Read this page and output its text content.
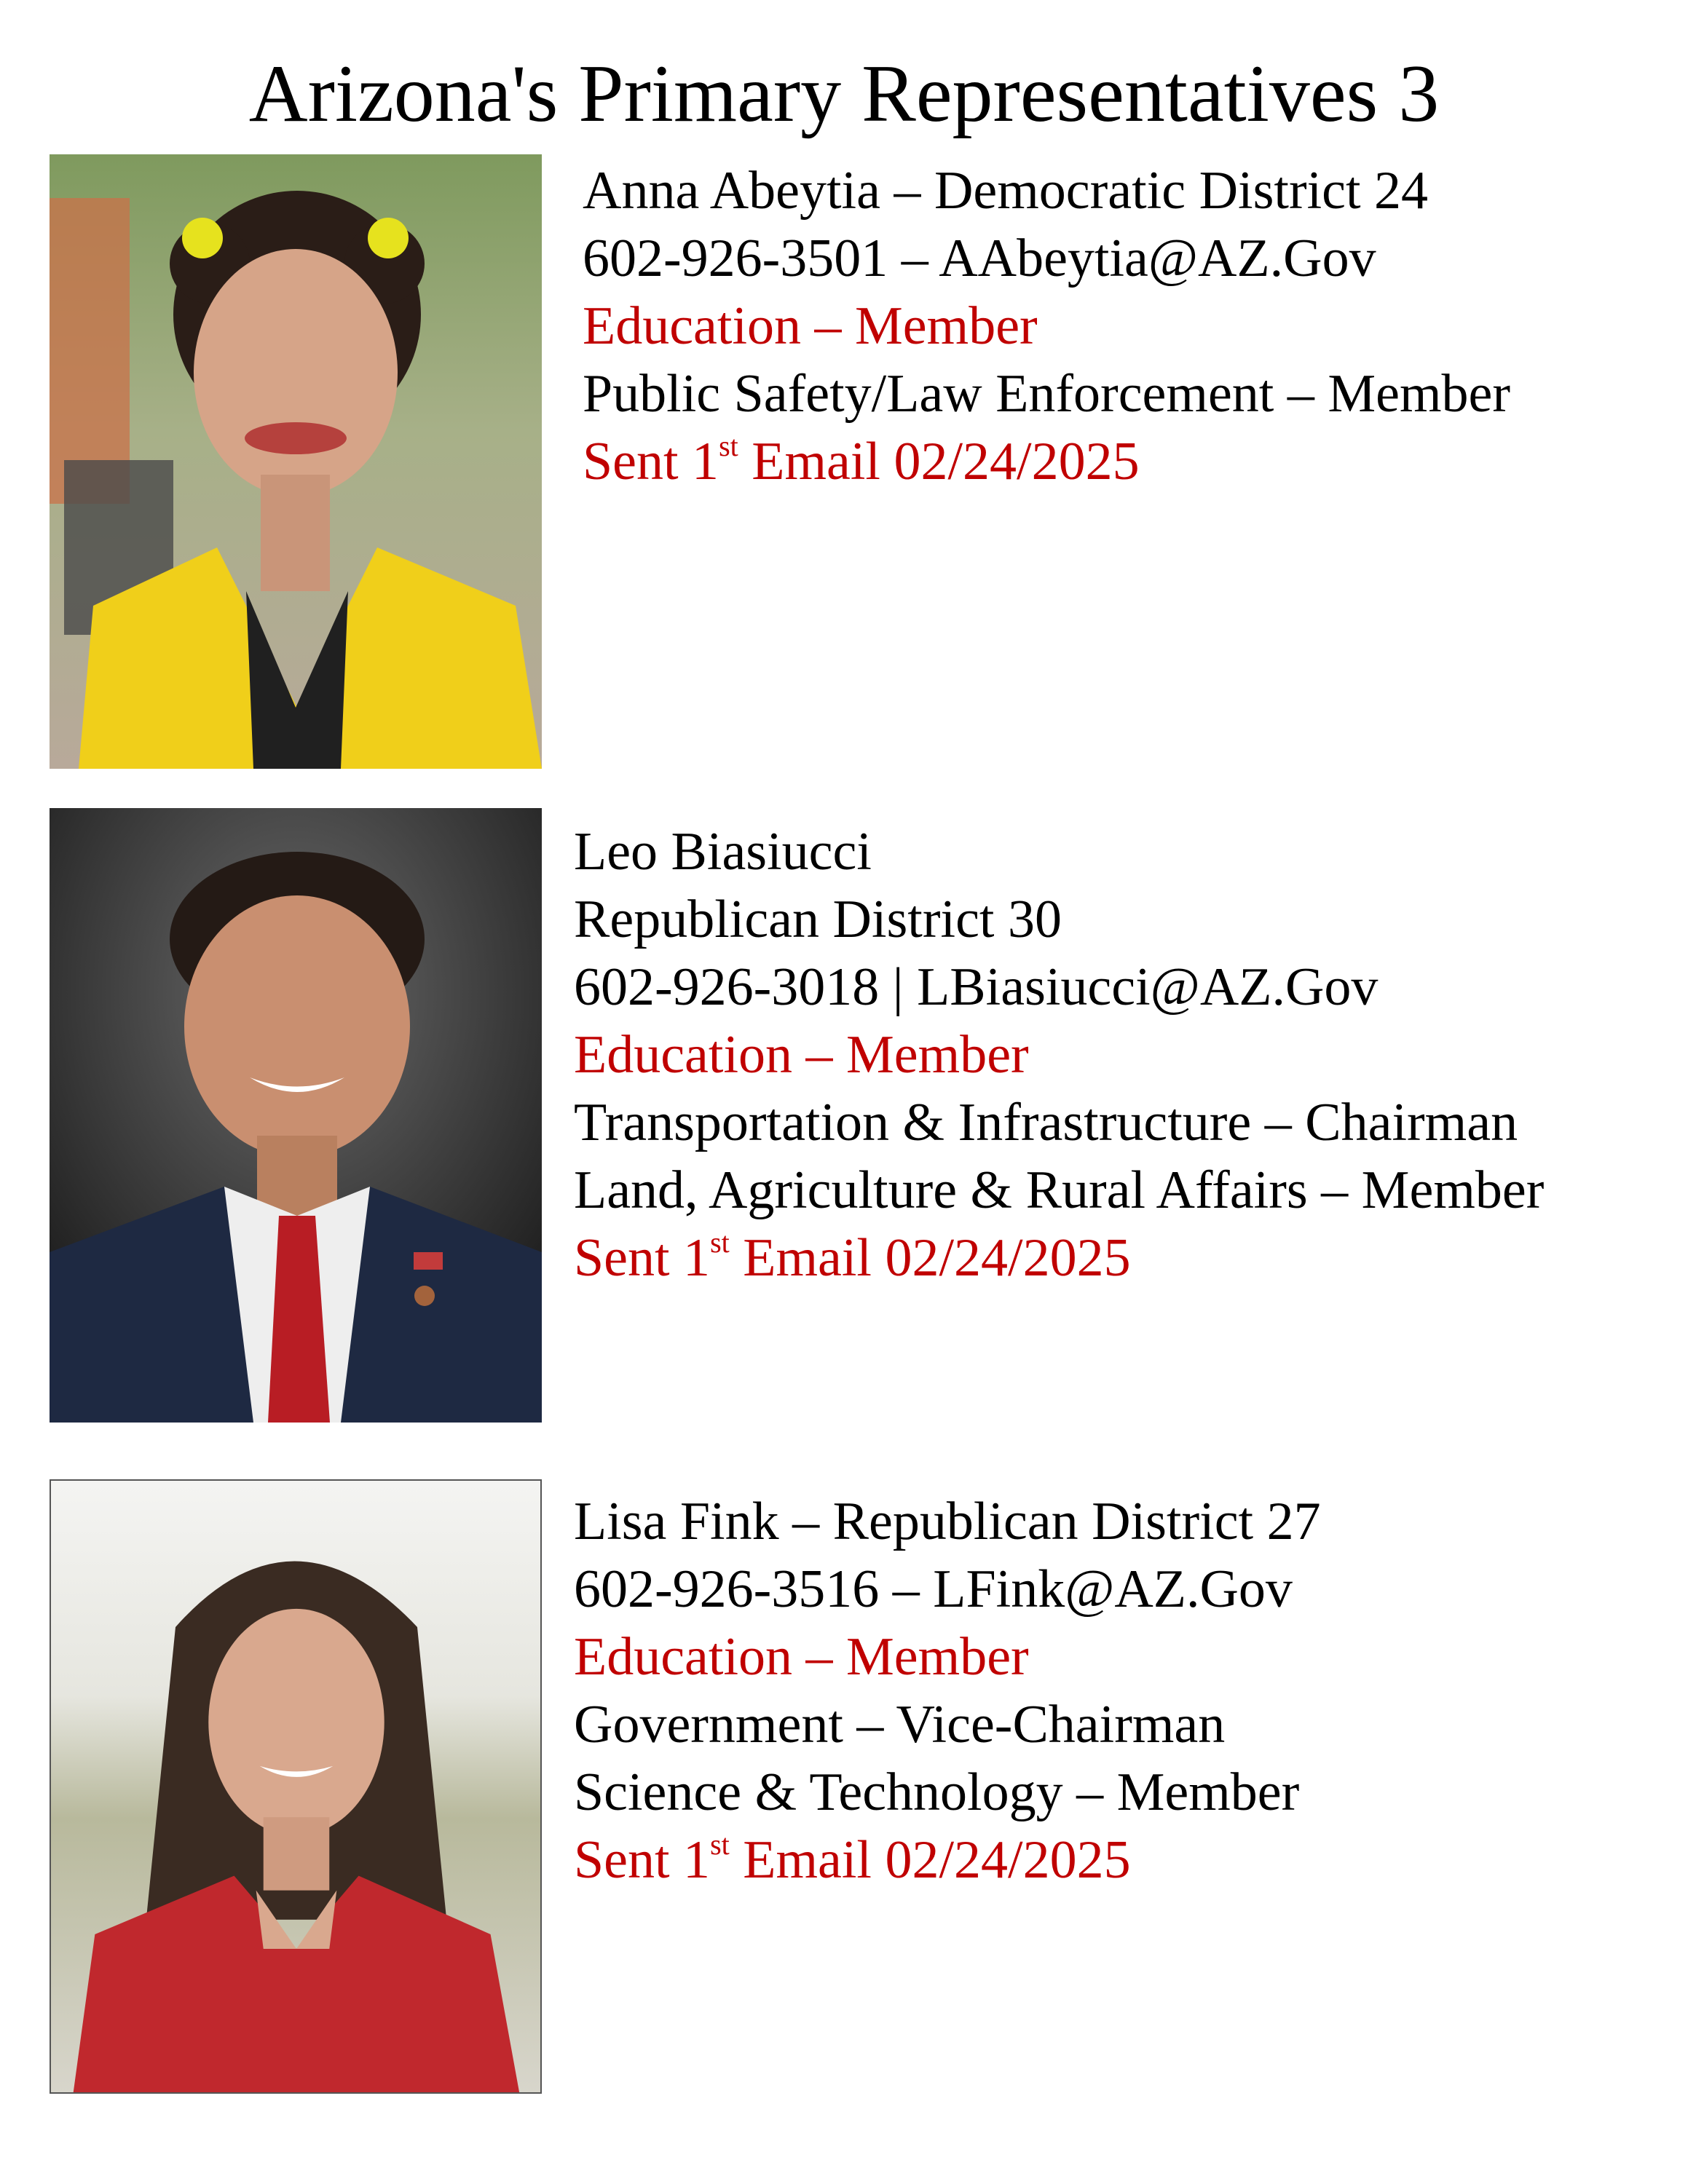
Arizona's Primary Representatives 3
Anna Abeytia – Democratic District 24
602-926-3501 – AAbeytia@AZ.Gov
Education – Member
Public Safety/Law Enforcement – Member
Sent 1st Email 02/24/2025
Leo Biasiucci
Republican District 30
602-926-3018 | LBiasiucci@AZ.Gov
Education – Member
Transportation & Infrastructure – Chairman
Land, Agriculture & Rural Affairs – Member
Sent 1st Email 02/24/2025
Lisa Fink – Republican District 27
602-926-3516 – LFink@AZ.Gov
Education – Member
Government – Vice-Chairman
Science & Technology – Member
Sent 1st Email 02/24/2025
